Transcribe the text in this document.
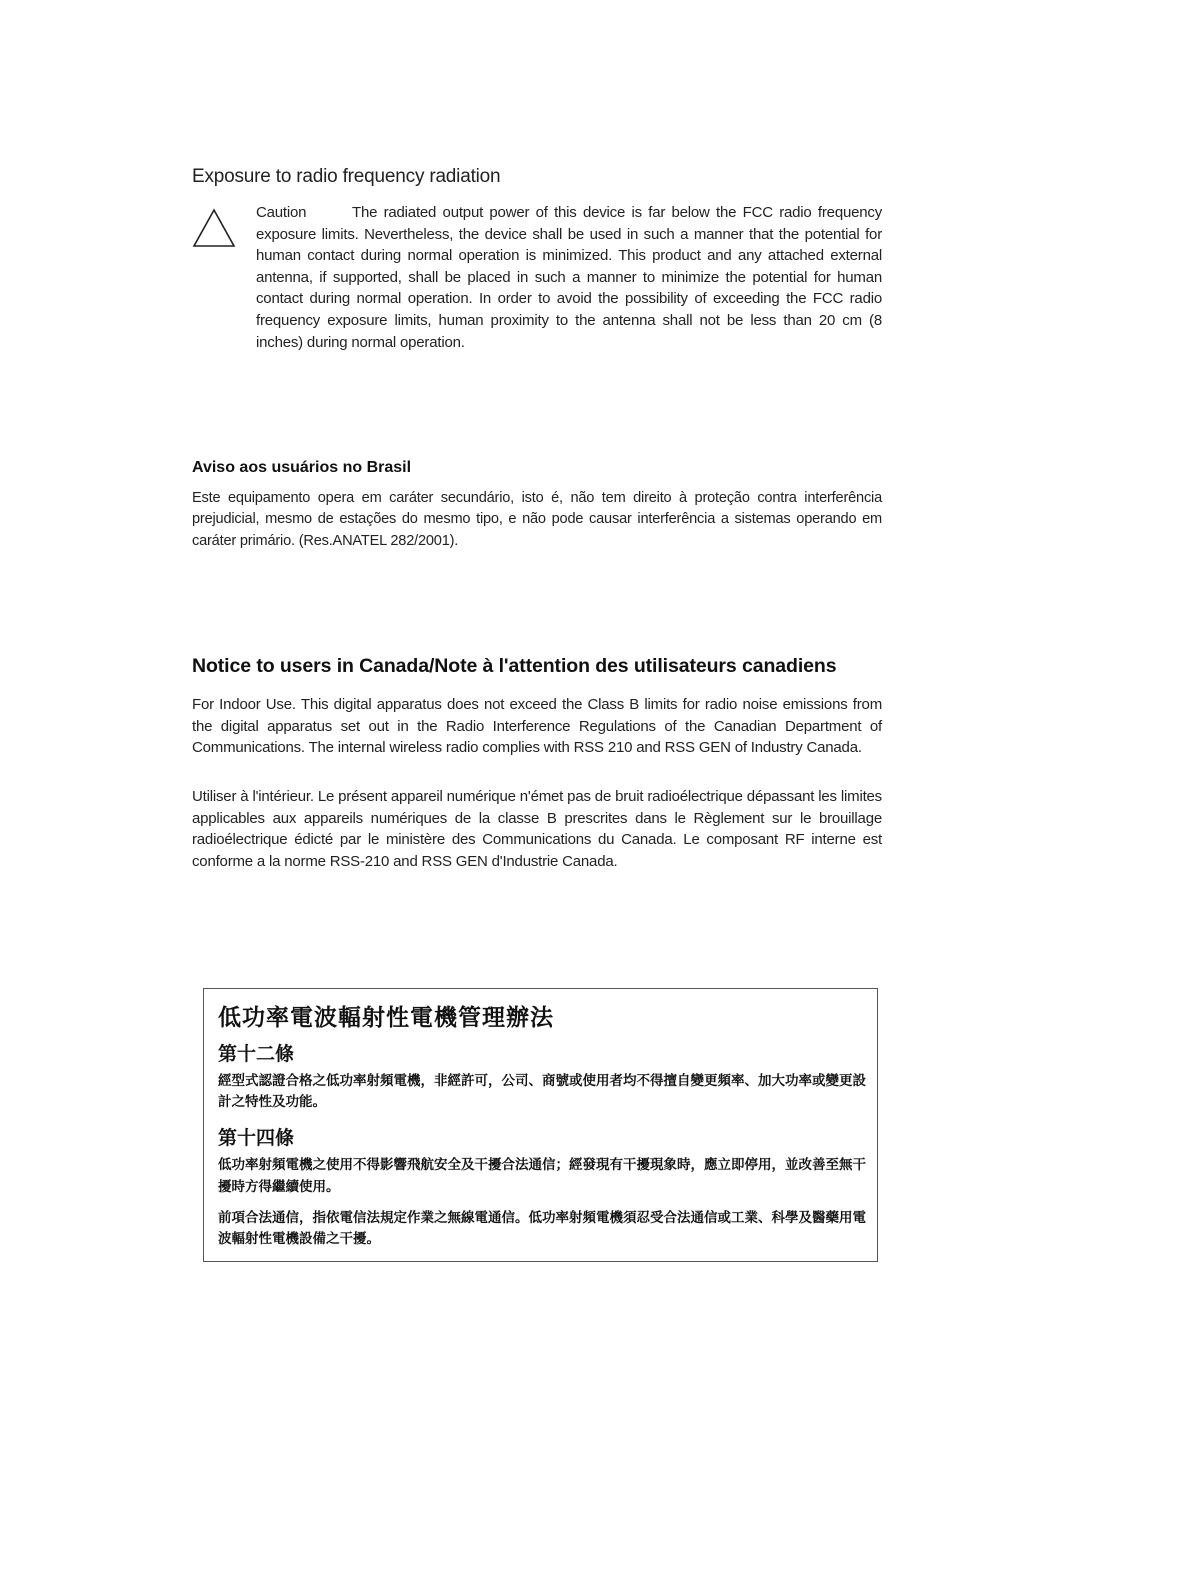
Exposure to radio frequency radiation
Caution	The radiated output power of this device is far below the FCC radio frequency exposure limits. Nevertheless, the device shall be used in such a manner that the potential for human contact during normal operation is minimized. This product and any attached external antenna, if supported, shall be placed in such a manner to minimize the potential for human contact during normal operation. In order to avoid the possibility of exceeding the FCC radio frequency exposure limits, human proximity to the antenna shall not be less than 20 cm (8 inches) during normal operation.
Aviso aos usuários no Brasil
Este equipamento opera em caráter secundário, isto é, não tem direito à proteção contra interferência prejudicial, mesmo de estações do mesmo tipo, e não pode causar interferência a sistemas operando em caráter primário. (Res.ANATEL 282/2001).
Notice to users in Canada/Note à l'attention des utilisateurs canadiens
For Indoor Use. This digital apparatus does not exceed the Class B limits for radio noise emissions from the digital apparatus set out in the Radio Interference Regulations of the Canadian Department of Communications. The internal wireless radio complies with RSS 210 and RSS GEN of Industry Canada.
Utiliser à l'intérieur. Le présent appareil numérique n'émet pas de bruit radioélectrique dépassant les limites applicables aux appareils numériques de la classe B prescrites dans le Règlement sur le brouillage radioélectrique édicté par le ministère des Communications du Canada. Le composant RF interne est conforme a la norme RSS-210 and RSS GEN d'Industrie Canada.
低功率電波輻射性電機管理辦法
第十二條
經型式認證合格之低功率射頻電機，非經許可，公司、商號或使用者均不得擅自變更頻率、加大功率或變更設計之特性及功能。
第十四條
低功率射頻電機之使用不得影響飛航安全及干擾合法通信；經發現有干擾現象時，應立即停用，並改善至無干擾時方得繼續使用。
前項合法通信，指依電信法規定作業之無線電通信。低功率射頻電機須忍受合法通信或工業、科學及醫藥用電波輻射性電機設備之干擾。
